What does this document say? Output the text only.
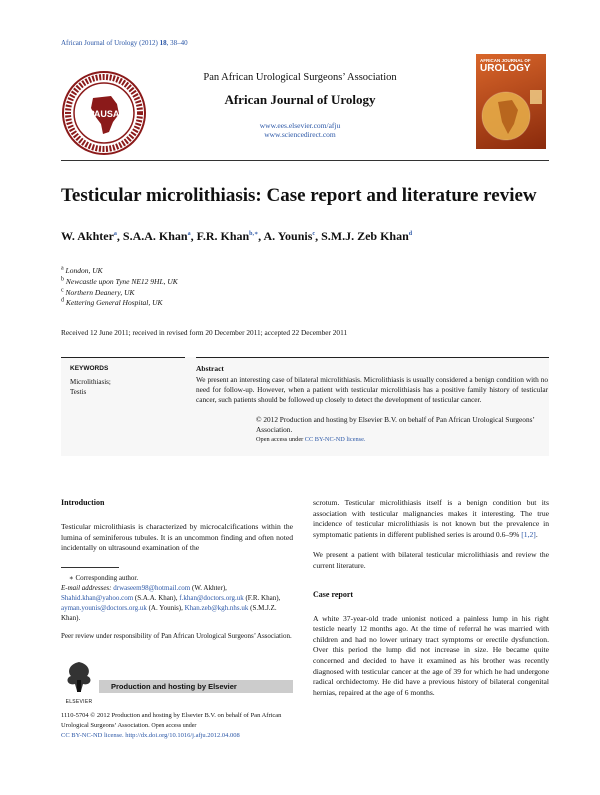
African Journal of Urology (2012) 18, 38–40
PAUSA
Pan African Urological Surgeons’ Association
African Journal of Urology
www.ees.elsevier.com/afju
www.sciencedirect.com
AFRICAN JOURNAL OF
UROLOGY
Testicular microlithiasis: Case report and literature review
W. Akhter$^a$, S.A.A. Khan$^a$, F.R. Khan$^{b,∗}$, A. Younis$^c$, S.M.J. Zeb Khan$^d$
$^a$ London, UK
$^b$ Newcastle upon Tyne NE12 9HL, UK
$^c$ Northern Deanery, UK
$^d$ Kettering General Hospital, UK
Received 12 June 2011; received in revised form 20 December 2011; accepted 22 December 2011
KEYWORDS
Microlithiasis;
Testis
Abstract
We present an interesting case of bilateral microlithiasis. Microlithiasis is usually considered a benign condition with no need for follow-up. However, when a patient with testicular microlithiasis has a positive family history of testicular cancer, such patients should be followed up closely to detect the development of testicular cancer.
© 2012 Production and hosting by Elsevier B.V. on behalf of Pan African Urological Surgeons’ Association.
Open access under CC BY-NC-ND license.
Introduction
Testicular microlithiasis is characterized by microcalcifications within the lumina of seminiferous tubules. It is an uncommon finding and often noted incidentally on ultrasound examination of the
∗ Corresponding author.
E-mail addresses: drwaseem98@hotmail.com (W. Akhter), Shahid.khan@yahoo.com (S.A.A. Khan), f.khan@doctors.org.uk (F.R. Khan), ayman.younis@doctors.org.uk (A. Younis), Khan.zeb@kgh.nhs.uk (S.M.J.Z. Khan).
Peer review under responsibility of Pan African Urological Surgeons’ Association.
ELSEVIER
Production and hosting by Elsevier
1110-5704 © 2012 Production and hosting by Elsevier B.V. on behalf of Pan African Urological Surgeons’ Association. Open access under
CC BY-NC-ND license. http://dx.doi.org/10.1016/j.afju.2012.04.008
scrotum. Testicular microlithiasis itself is a benign condition but its association with testicular malignancies makes it interesting. The true incidence of testicular microlithiasis is not known but the prevalence in symptomatic patients in different published series is around 0.6–9% [1,2].
We present a patient with bilateral testicular microlithiasis and review the current literature.
Case report
A white 37-year-old trade unionist noticed a painless lump in his right testicle nearly 12 months ago. At the time of referral he was married with children and had no lower urinary tract symptoms or erectile dysfunction. Over this period the lump did not increase in size. He became quite concerned and decided to have it examined as his brother was recently diagnosed with testicular cancer at the age of 39 for which he had undergone radical orchidectomy. He did have a previous history of bilateral congenital hernias, repaired at the age of 6 months.
